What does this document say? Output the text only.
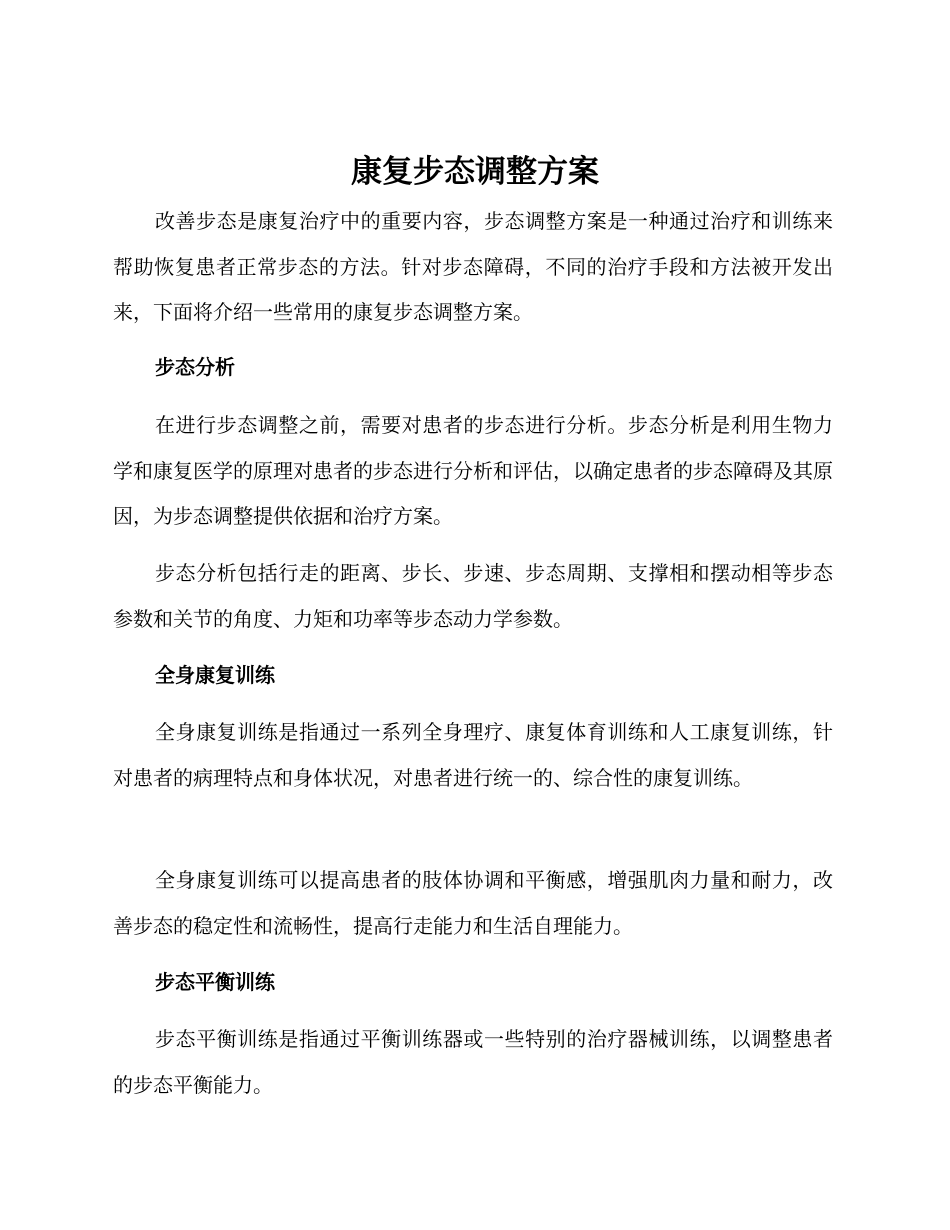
康复步态调整方案

改善步态是康复治疗中的重要内容，步态调整方案是一种通过治疗和训练来帮助恢复患者正常步态的方法。针对步态障碍，不同的治疗手段和方法被开发出来，下面将介绍一些常用的康复步态调整方案。

步态分析

在进行步态调整之前，需要对患者的步态进行分析。步态分析是利用生物力学和康复医学的原理对患者的步态进行分析和评估，以确定患者的步态障碍及其原因，为步态调整提供依据和治疗方案。

步态分析包括行走的距离、步长、步速、步态周期、支撑相和摆动相等步态参数和关节的角度、力矩和功率等步态动力学参数。

全身康复训练

全身康复训练是指通过一系列全身理疗、康复体育训练和人工康复训练，针对患者的病理特点和身体状况，对患者进行统一的、综合性的康复训练。

全身康复训练可以提高患者的肢体协调和平衡感，增强肌肉力量和耐力，改善步态的稳定性和流畅性，提高行走能力和生活自理能力。

步态平衡训练

步态平衡训练是指通过平衡训练器或一些特别的治疗器械训练，以调整患者的步态平衡能力。
